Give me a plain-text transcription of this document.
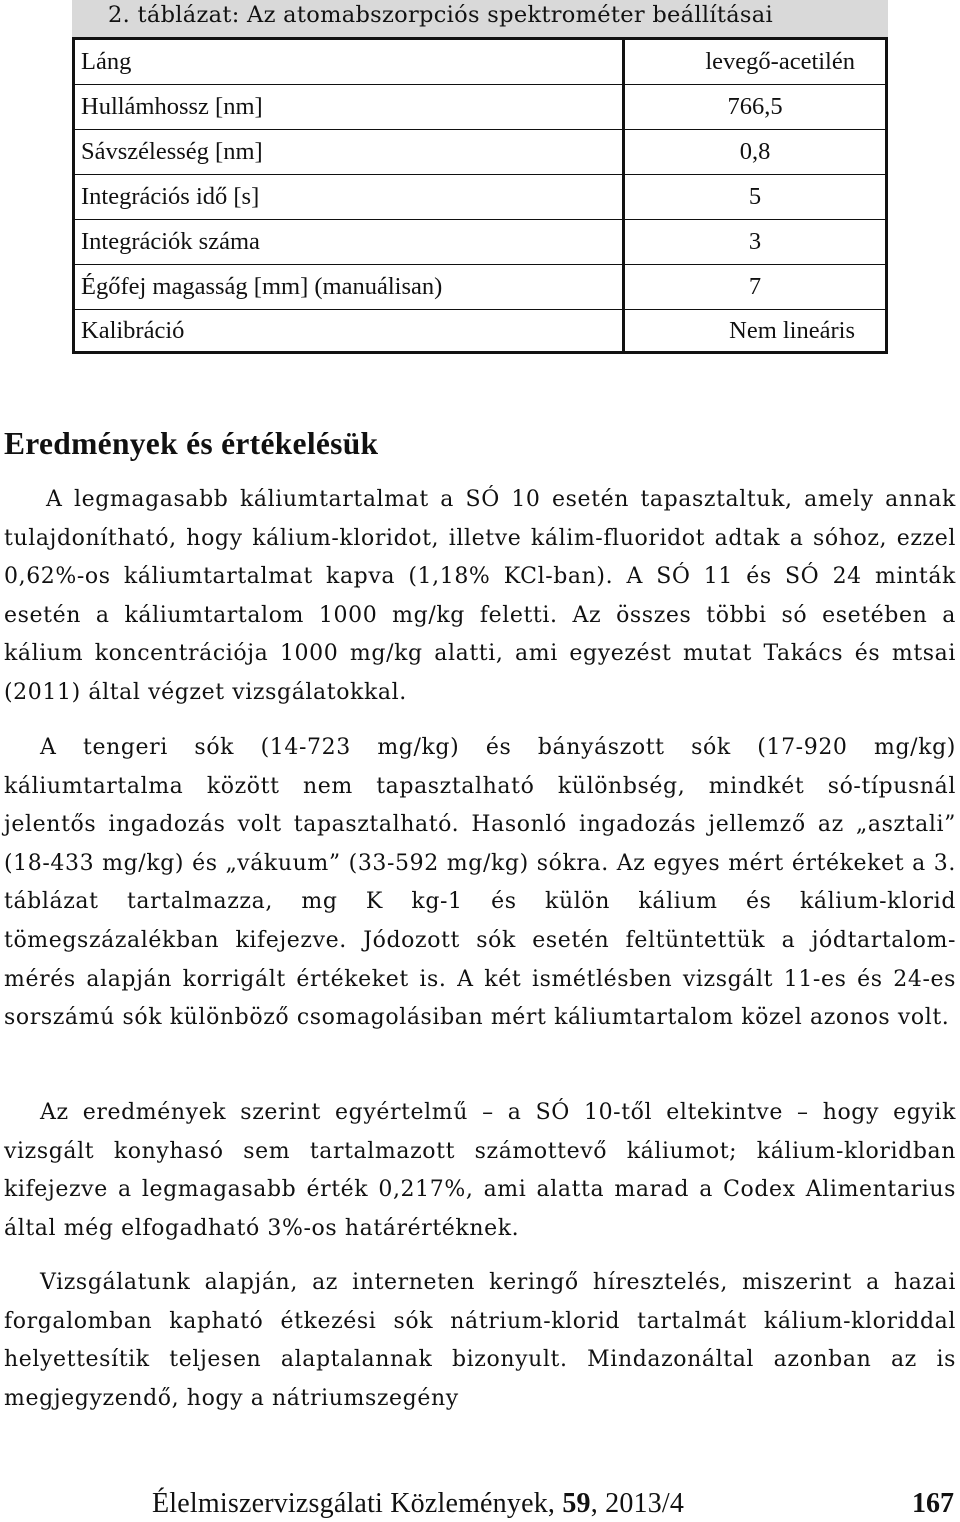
2. táblázat: Az atomabszorpciós spektrométer beállításai
Láng	levegő-acetilén
Hullámhossz [nm]	766,5
Sávszélesség [nm]	0,8
Integrációs idő [s]	5
Integrációk száma	3
Égőfej magasság [mm] (manuálisan)	7
Kalibráció	Nem lineáris
Eredmények és értékelésük

A legmagasabb káliumtartalmat a SÓ 10 esetén tapasztaltuk, amely annak tulajdonítható, hogy kálium-kloridot, illetve kálim-fluoridot adtak a sóhoz, ezzel 0,62%-os káliumtartalmat kapva (1,18% KCl-ban). A SÓ 11 és SÓ 24 minták esetén a káliumtartalom 1000 mg/kg feletti. Az összes többi só esetében a kálium koncentrációja 1000 mg/kg alatti, ami egyezést mutat Takács és mtsai (2011) által végzet vizsgálatokkal.

A tengeri sók (14-723 mg/kg) és bányászott sók (17-920 mg/kg) káliumtartalma között nem tapasztalható különbség, mindkét só-típusnál jelentős ingadozás volt tapasztalható. Hasonló ingadozás jellemző az „asztali” (18-433 mg/kg) és „vákuum” (33-592 mg/kg) sókra. Az egyes mért értékeket a 3. táblázat tartalmazza, mg K kg-1 és külön kálium és kálium-klorid tömegszázalékban kifejezve. Jódozott sók esetén feltüntettük a jódtartalom-mérés alapján korrigált értékeket is. A két ismétlésben vizsgált 11-es és 24-es sorszámú sók különböző csomagolásiban mért káliumtartalom közel azonos volt.

Az eredmények szerint egyértelmű – a SÓ 10-től eltekintve – hogy egyik vizsgált konyhasó sem tartalmazott számottevő káliumot; kálium-kloridban kifejezve a legmagasabb érték 0,217%, ami alatta marad a Codex Alimentarius által még elfogadható 3%-os határértéknek.

Vizsgálatunk alapján, az interneten keringő híresztelés, miszerint a hazai forgalomban kapható étkezési sók nátrium-klorid tartalmát kálium-kloriddal helyettesítik teljesen alaptalannak bizonyult. Mindazonáltal azonban az is megjegyzendő, hogy a nátriumszegény

Élelmiszervizsgálati Közlemények, 59, 2013/4	167
